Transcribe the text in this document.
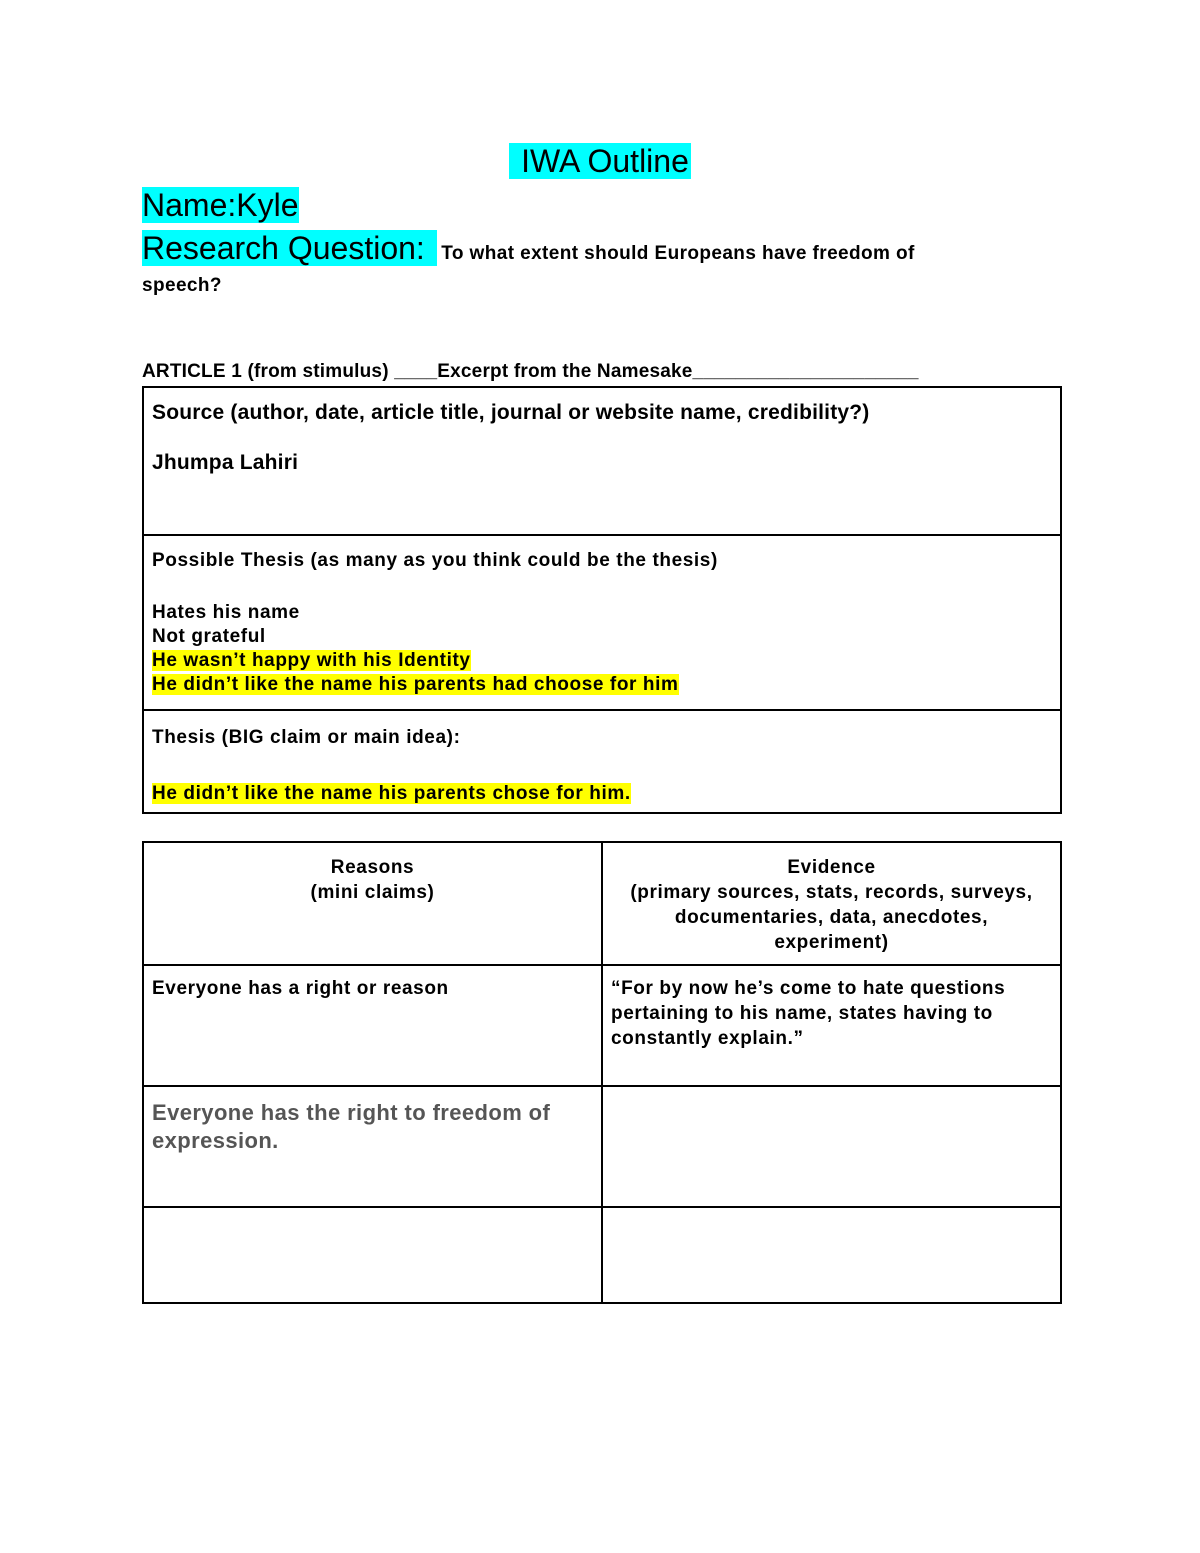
IWA Outline
Name:Kyle
Research Question: To what extent should Europeans have freedom of
speech?
ARTICLE 1 (from stimulus) ____Excerpt from the Namesake_____________________
Source (author, date, article title, journal or website name, credibility?)
Jhumpa Lahiri
Possible Thesis (as many as you think could be the thesis)
Hates his name
Not grateful
He wasn’t happy with his Identity
He didn’t like the name his parents had choose for him
Thesis (BIG claim or main idea):
He didn’t like the name his parents chose for him.
Reasons
(mini claims)
Evidence
(primary sources, stats, records, surveys,
documentaries, data, anecdotes,
experiment)
Everyone has a right or reason	“For by now he’s come to hate questions pertaining to his name, states having to constantly explain.”
Everyone has the right to freedom of expression.
